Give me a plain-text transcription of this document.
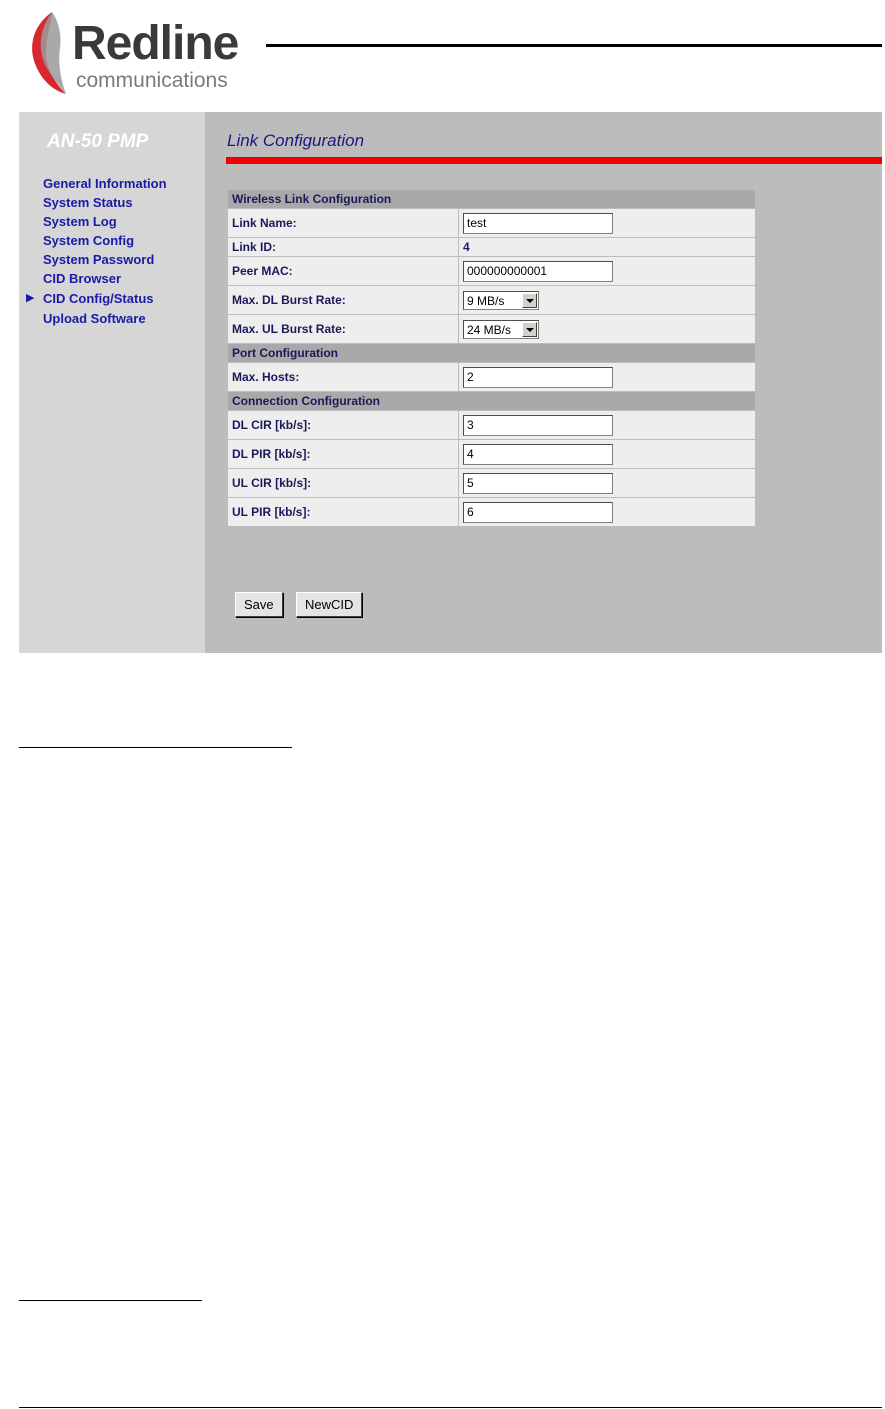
Redline
communications
AN-50 PMP
General Information
System Status
System Log
System Config
System Password
CID Browser
▶ CID Config/Status
Upload Software
Link Configuration
Wireless Link Configuration	
Link Name:	test
Link ID:	4
Peer MAC:	000000000001
Max. DL Burst Rate:	9 MB/s

Max. UL Burst Rate:	24 MB/s

Port Configuration	
Max. Hosts:	2
Connection Configuration	
DL CIR [kb/s]:	3
DL PIR [kb/s]:	4
UL CIR [kb/s]:	5
UL PIR [kb/s]:	6
Save	NewCID
